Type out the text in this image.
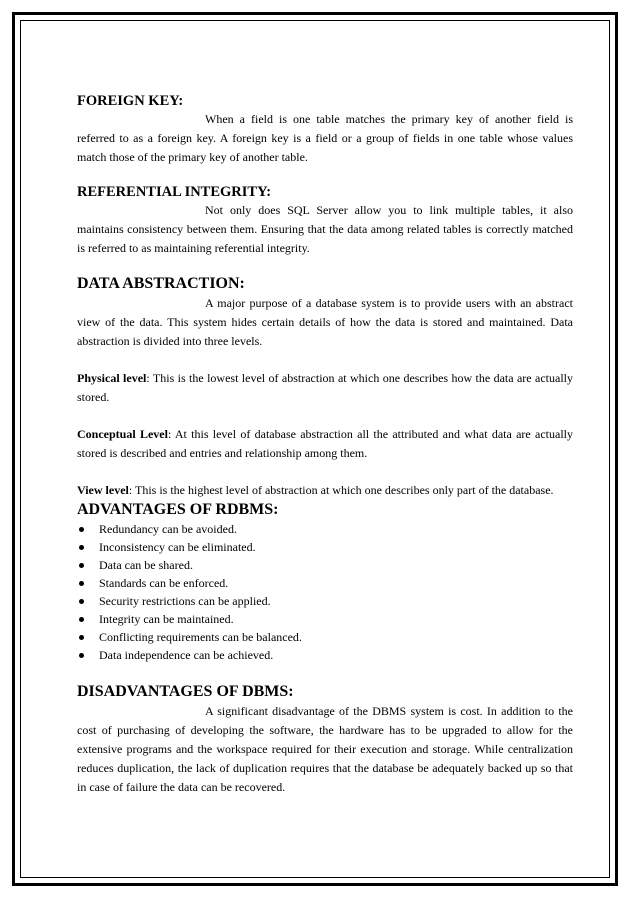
FOREIGN KEY:

When a field is one table matches the primary key of another field is referred to as a foreign key. A foreign key is a field or a group of fields in one table whose values match those of the primary key of another table.

REFERENTIAL INTEGRITY:

Not only does SQL Server allow you to link multiple tables, it also maintains consistency between them. Ensuring that the data among related tables is correctly matched is referred to as maintaining referential integrity.

DATA ABSTRACTION:

A major purpose of a database system is to provide users with an abstract view of the data. This system hides certain details of how the data is stored and maintained. Data abstraction is divided into three levels.

Physical level: This is the lowest level of abstraction at which one describes how the data are actually stored.

Conceptual Level: At this level of database abstraction all the attributed and what data are actually stored is described and entries and relationship among them.

View level: This is the highest level of abstraction at which one describes only part of the database.

ADVANTAGES OF RDBMS:
Redundancy can be avoided.
Inconsistency can be eliminated.
Data can be shared.
Standards can be enforced.
Security restrictions can be applied.
Integrity can be maintained.
Conflicting requirements can be balanced.
Data independence can be achieved.
DISADVANTAGES OF DBMS:

A significant disadvantage of the DBMS system is cost. In addition to the cost of purchasing of developing the software, the hardware has to be upgraded to allow for the extensive programs and the workspace required for their execution and storage. While centralization reduces duplication, the lack of duplication requires that the database be adequately backed up so that in case of failure the data can be recovered.
